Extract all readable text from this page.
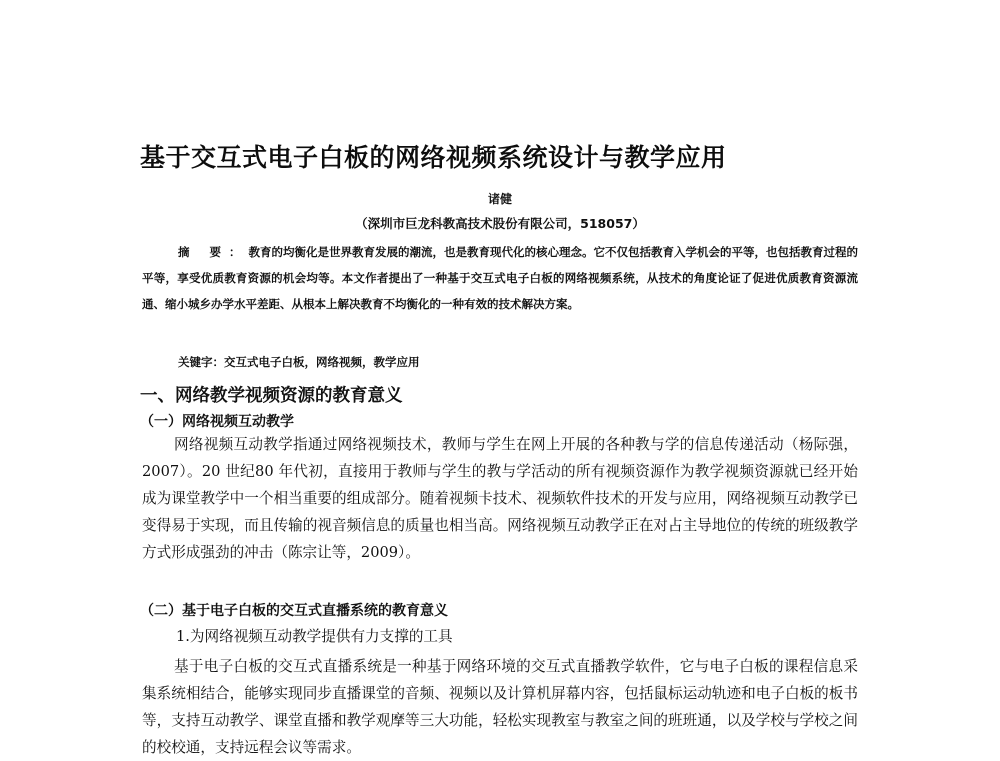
基于交互式电子白板的网络视频系统设计与教学应用
诸健
（深圳市巨龙科教高技术股份有限公司，518057）

摘 要：教育的均衡化是世界教育发展的潮流，也是教育现代化的核心理念。它不仅包括教育入学机会的平等，也包括教育过程的平等，享受优质教育资源的机会均等。本文作者提出了一种基于交互式电子白板的网络视频系统，从技术的角度论证了促进优质教育资源流通、缩小城乡办学水平差距、从根本上解决教育不均衡化的一种有效的技术解决方案。

关键字：交互式电子白板，网络视频，教学应用
一、网络教学视频资源的教育意义
（一）网络视频互动教学

网络视频互动教学指通过网络视频技术，教师与学生在网上开展的各种教与学的信息传递活动（杨际强，2007）。20 世纪80 年代初，直接用于教师与学生的教与学活动的所有视频资源作为教学视频资源就已经开始成为课堂教学中一个相当重要的组成部分。随着视频卡技术、视频软件技术的开发与应用，网络视频互动教学已变得易于实现，而且传输的视音频信息的质量也相当高。网络视频互动教学正在对占主导地位的传统的班级教学方式形成强劲的冲击（陈宗让等，2009）。

（二）基于电子白板的交互式直播系统的教育意义
1.为网络视频互动教学提供有力支撑的工具

基于电子白板的交互式直播系统是一种基于网络环境的交互式直播教学软件，它与电子白板的课程信息采集系统相结合，能够实现同步直播课堂的音频、视频以及计算机屏幕内容，包括鼠标运动轨迹和电子白板的板书等，支持互动教学、课堂直播和教学观摩等三大功能，轻松实现教室与教室之间的班班通，以及学校与学校之间的校校通，支持远程会议等需求。
